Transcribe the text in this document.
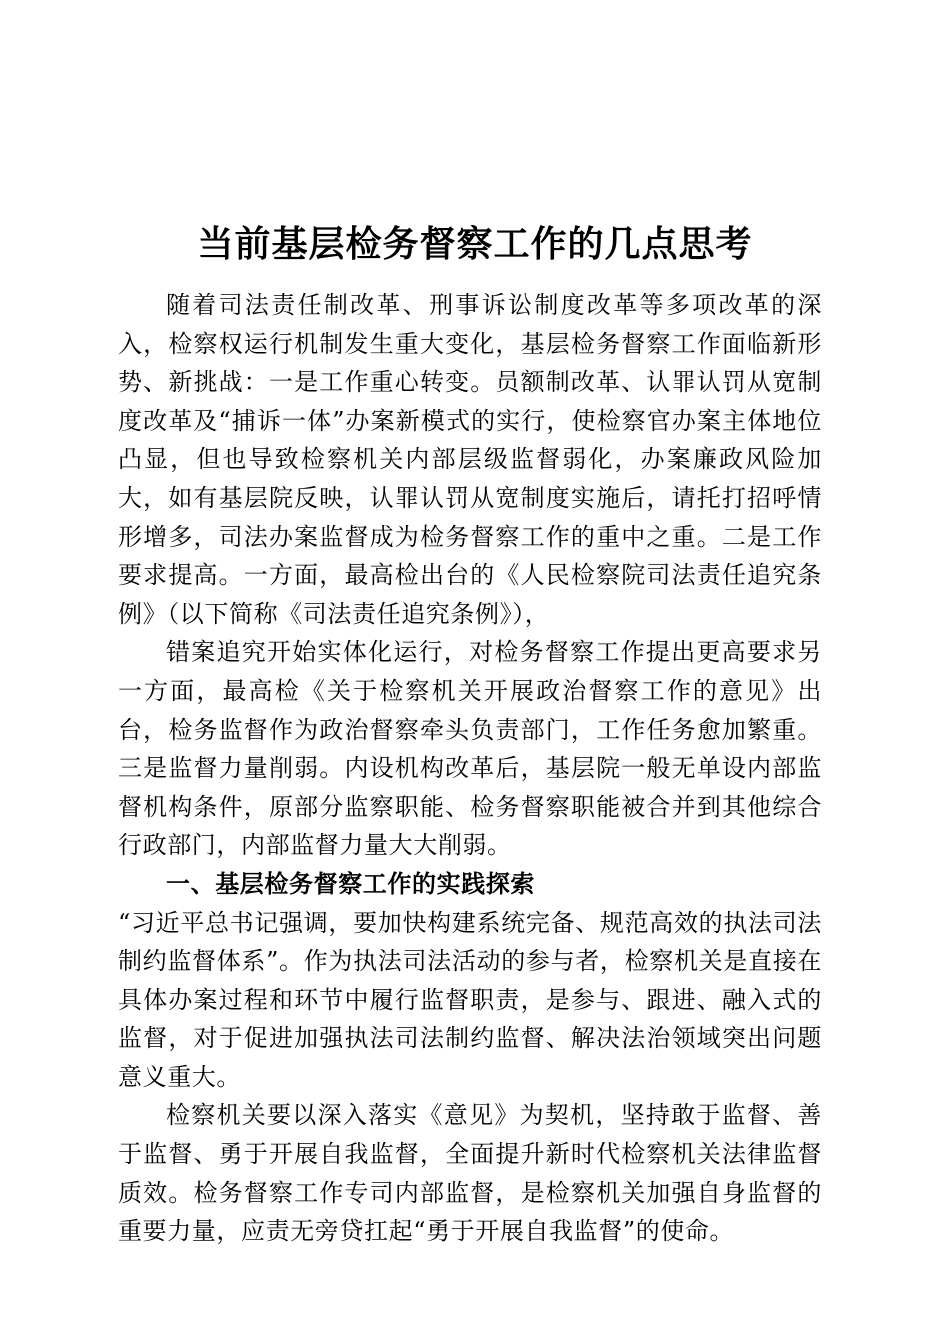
当前基层检务督察工作的几点思考

随着司法责任制改革、刑事诉讼制度改革等多项改革的深入，检察权运行机制发生重大变化，基层检务督察工作面临新形势、新挑战：一是工作重心转变。员额制改革、认罪认罚从宽制度改革及“捕诉一体”办案新模式的实行，使检察官办案主体地位凸显，但也导致检察机关内部层级监督弱化，办案廉政风险加大，如有基层院反映，认罪认罚从宽制度实施后，请托打招呼情形增多，司法办案监督成为检务督察工作的重中之重。二是工作要求提高。一方面，最高检出台的《人民检察院司法责任追究条例》（以下简称《司法责任追究条例》），

错案追究开始实体化运行，对检务督察工作提出更高要求另一方面，最高检《关于检察机关开展政治督察工作的意见》出台，检务监督作为政治督察牵头负责部门，工作任务愈加繁重。三是监督力量削弱。内设机构改革后，基层院一般无单设内部监督机构条件，原部分监察职能、检务督察职能被合并到其他综合行政部门，内部监督力量大大削弱。

一、基层检务督察工作的实践探索

“习近平总书记强调，要加快构建系统完备、规范高效的执法司法制约监督体系”。作为执法司法活动的参与者，检察机关是直接在具体办案过程和环节中履行监督职责，是参与、跟进、融入式的监督，对于促进加强执法司法制约监督、解决法治领域突出问题意义重大。

检察机关要以深入落实《意见》为契机，坚持敢于监督、善于监督、勇于开展自我监督，全面提升新时代检察机关法律监督质效。检务督察工作专司内部监督，是检察机关加强自身监督的重要力量，应责无旁贷扛起“勇于开展自我监督”的使命。
